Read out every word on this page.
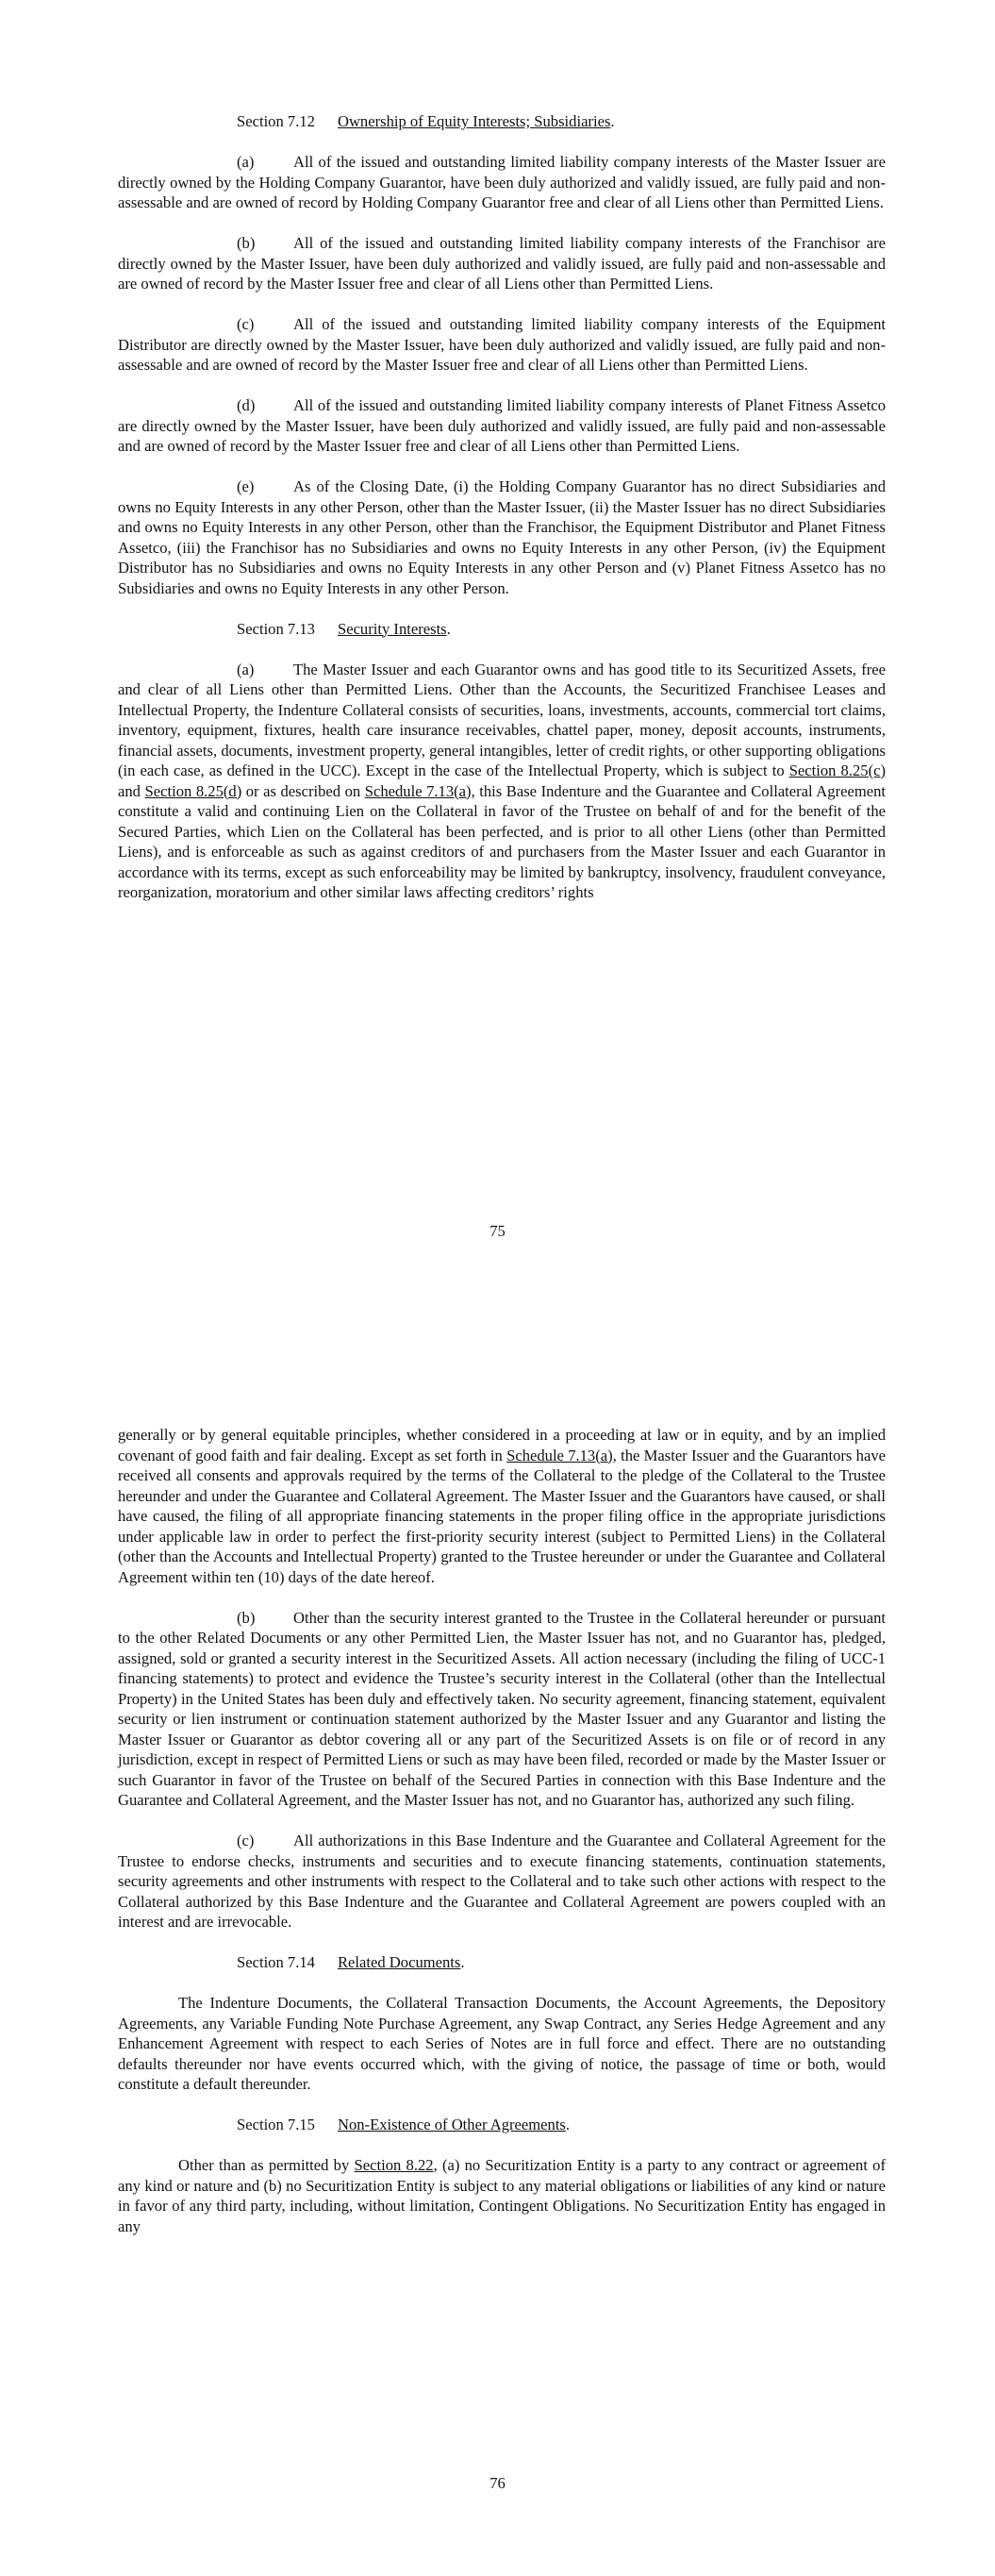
Section 7.12 Ownership of Equity Interests; Subsidiaries.

(a)	All of the issued and outstanding limited liability company interests of the Master Issuer are directly owned by the Holding Company Guarantor, have been duly authorized and validly issued, are fully paid and non-assessable and are owned of record by Holding Company Guarantor free and clear of all Liens other than Permitted Liens.

(b) All of the issued and outstanding limited liability company interests of the Franchisor are directly owned by the Master Issuer, have been duly authorized and validly issued, are fully paid and non-assessable and are owned of record by the Master Issuer free and clear of all Liens other than Permitted Liens.

(c)	All of the issued and outstanding limited liability company interests of the Equipment Distributor are directly owned by the Master Issuer, have been duly authorized and validly issued, are fully paid and non-assessable and are owned of record by the Master Issuer free and clear of all Liens other than Permitted Liens.

(d) All of the issued and outstanding limited liability company interests of Planet Fitness Assetco are directly owned by the Master Issuer, have been duly authorized and validly issued, are fully paid and non-assessable and are owned of record by the Master Issuer free and clear of all Liens other than Permitted Liens.

(e)	As of the Closing Date, (i) the Holding Company Guarantor has no direct Subsidiaries and owns no Equity Interests in any other Person, other than the Master Issuer, (ii) the Master Issuer has no direct Subsidiaries and owns no Equity Interests in any other Person, other than the Franchisor, the Equipment Distributor and Planet Fitness Assetco, (iii) the Franchisor has no Subsidiaries and owns no Equity Interests in any other Person, (iv) the Equipment Distributor has no Subsidiaries and owns no Equity Interests in any other Person and (v) Planet Fitness Assetco has no Subsidiaries and owns no Equity Interests in any other Person.

Section 7.13 Security Interests.

(a)	The Master Issuer and each Guarantor owns and has good title to its Securitized Assets, free and clear of all Liens other than Permitted Liens. Other than the Accounts, the Securitized Franchisee Leases and Intellectual Property, the Indenture Collateral consists of securities, loans, investments, accounts, commercial tort claims, inventory, equipment, fixtures, health care insurance receivables, chattel paper, money, deposit accounts, instruments, financial assets, documents, investment property, general intangibles, letter of credit rights, or other supporting obligations (in each case, as defined in the UCC). Except in the case of the Intellectual Property, which is subject to Section 8.25(c) and Section 8.25(d) or as described on Schedule 7.13(a), this Base Indenture and the Guarantee and Collateral Agreement constitute a valid and continuing Lien on the Collateral in favor of the Trustee on behalf of and for the benefit of the Secured Parties, which Lien on the Collateral has been perfected, and is prior to all other Liens (other than Permitted Liens), and is enforceable as such as against creditors of and purchasers from the Master Issuer and each Guarantor in accordance with its terms, except as such enforceability may be limited by bankruptcy, insolvency, fraudulent conveyance, reorganization, moratorium and other similar laws affecting creditors’ rights

75

generally or by general equitable principles, whether considered in a proceeding at law or in equity, and by an implied covenant of good faith and fair dealing. Except as set forth in Schedule 7.13(a), the Master Issuer and the Guarantors have received all consents and approvals required by the terms of the Collateral to the pledge of the Collateral to the Trustee hereunder and under the Guarantee and Collateral Agreement. The Master Issuer and the Guarantors have caused, or shall have caused, the filing of all appropriate financing statements in the proper filing office in the appropriate jurisdictions under applicable law in order to perfect the first-priority security interest (subject to Permitted Liens) in the Collateral (other than the Accounts and Intellectual Property) granted to the Trustee hereunder or under the Guarantee and Collateral Agreement within ten (10) days of the date hereof.

(b) Other than the security interest granted to the Trustee in the Collateral hereunder or pursuant to the other Related Documents or any other Permitted Lien, the Master Issuer has not, and no Guarantor has, pledged, assigned, sold or granted a security interest in the Securitized Assets. All action necessary (including the filing of UCC-1 financing statements) to protect and evidence the Trustee’s security interest in the Collateral (other than the Intellectual Property) in the United States has been duly and effectively taken. No security agreement, financing statement, equivalent security or lien instrument or continuation statement authorized by the Master Issuer and any Guarantor and listing the Master Issuer or Guarantor as debtor covering all or any part of the Securitized Assets is on file or of record in any jurisdiction, except in respect of Permitted Liens or such as may have been filed, recorded or made by the Master Issuer or such Guarantor in favor of the Trustee on behalf of the Secured Parties in connection with this Base Indenture and the Guarantee and Collateral Agreement, and the Master Issuer has not, and no Guarantor has, authorized any such filing.

(c)	All authorizations in this Base Indenture and the Guarantee and Collateral Agreement for the Trustee to endorse checks, instruments and securities and to execute financing statements, continuation statements, security agreements and other instruments with respect to the Collateral and to take such other actions with respect to the Collateral authorized by this Base Indenture and the Guarantee and Collateral Agreement are powers coupled with an interest and are irrevocable.

Section 7.14 Related Documents.

The Indenture Documents, the Collateral Transaction Documents, the Account Agreements, the Depository Agreements, any Variable Funding Note Purchase Agreement, any Swap Contract, any Series Hedge Agreement and any Enhancement Agreement with respect to each Series of Notes are in full force and effect. There are no outstanding defaults thereunder nor have events occurred which, with the giving of notice, the passage of time or both, would constitute a default thereunder.

Section 7.15 Non-Existence of Other Agreements.

Other than as permitted by Section 8.22, (a) no Securitization Entity is a party to any contract or agreement of any kind or nature and (b) no Securitization Entity is subject to any material obligations or liabilities of any kind or nature in favor of any third party, including, without limitation, Contingent Obligations. No Securitization Entity has engaged in any

76
